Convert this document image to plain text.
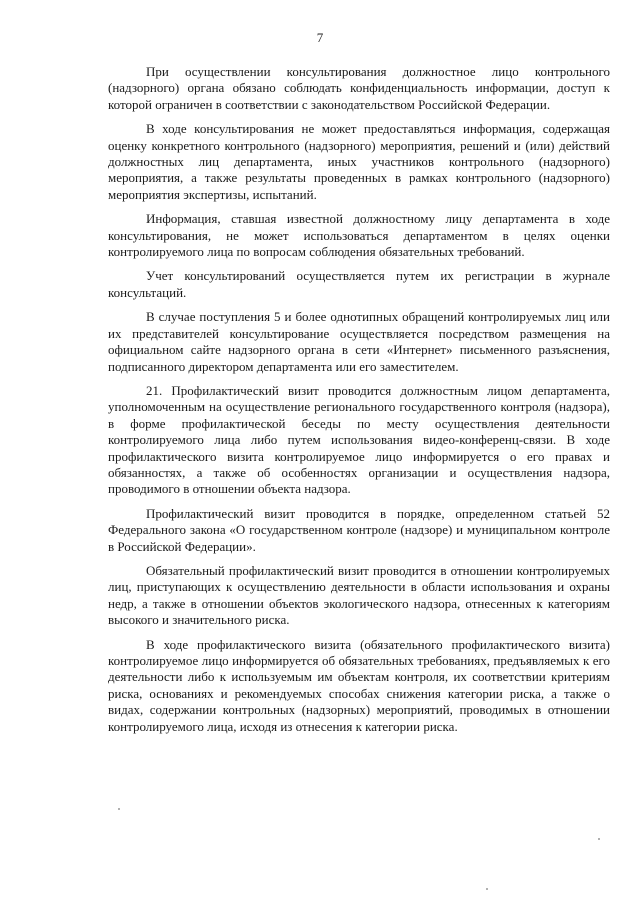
7

При осуществлении консультирования должностное лицо контрольного (надзорного) органа обязано соблюдать конфиденциальность информации, доступ к которой ограничен в соответствии с законодательством Российской Федерации.

В ходе консультирования не может предоставляться информация, содержащая оценку конкретного контрольного (надзорного) мероприятия, решений и (или) действий должностных лиц департамента, иных участников контрольного (надзорного) мероприятия, а также результаты проведенных в рамках контрольного (надзорного) мероприятия экспертизы, испытаний.

Информация, ставшая известной должностному лицу департамента в ходе консультирования, не может использоваться департаментом в целях оценки контролируемого лица по вопросам соблюдения обязательных требований.

Учет консультирований осуществляется путем их регистрации в журнале консультаций.

В случае поступления 5 и более однотипных обращений контролируемых лиц или их представителей консультирование осуществляется посредством размещения на официальном сайте надзорного органа в сети «Интернет» письменного разъяснения, подписанного директором департамента или его заместителем.

21. Профилактический визит проводится должностным лицом департамента, уполномоченным на осуществление регионального государственного контроля (надзора), в форме профилактической беседы по месту осуществления деятельности контролируемого лица либо путем использования видео-конференц-связи. В ходе профилактического визита контролируемое лицо информируется о его правах и обязанностях, а также об особенностях организации и осуществления надзора, проводимого в отношении объекта надзора.

Профилактический визит проводится в порядке, определенном статьей 52 Федерального закона «О государственном контроле (надзоре) и муниципальном контроле в Российской Федерации».

Обязательный профилактический визит проводится в отношении контролируемых лиц, приступающих к осуществлению деятельности в области использования и охраны недр, а также в отношении объектов экологического надзора, отнесенных к категориям высокого и значительного риска.

В ходе профилактического визита (обязательного профилактического визита) контролируемое лицо информируется об обязательных требованиях, предъявляемых к его деятельности либо к используемым им объектам контроля, их соответствии критериям риска, основаниях и рекомендуемых способах снижения категории риска, а также о видах, содержании контрольных (надзорных) мероприятий, проводимых в отношении контролируемого лица, исходя из отнесения к категории риска.
